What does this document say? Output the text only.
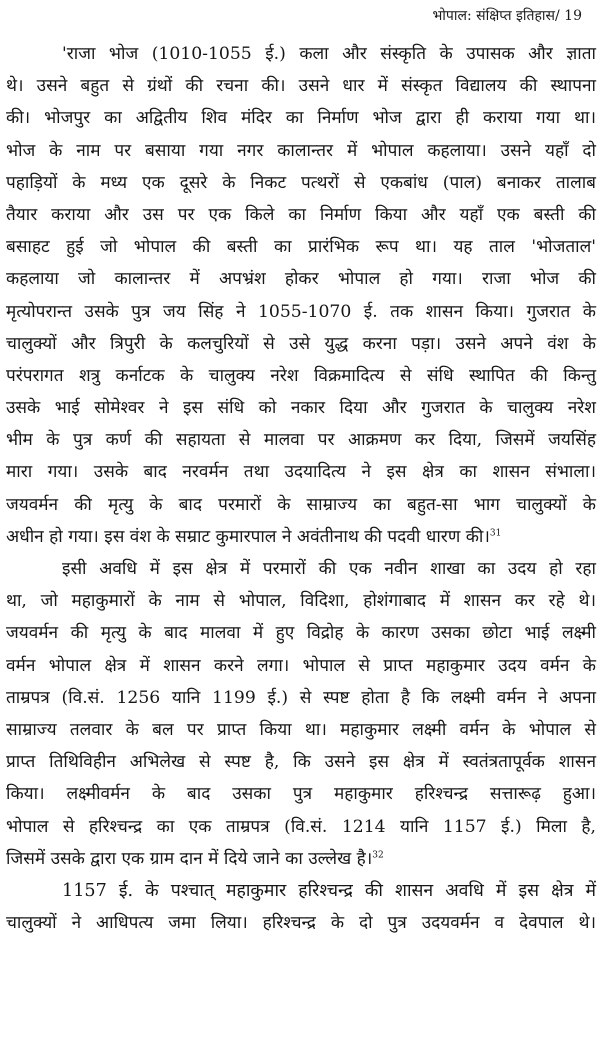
भोपाल: संक्षिप्त इतिहास/ 19
'राजा भोज (1010-1055 ई.) कला और संस्कृति के उपासक और ज्ञाता
थे। उसने बहुत से ग्रंथों की रचना की। उसने धार में संस्कृत विद्यालय की स्थापना
की। भोजपुर का अद्वितीय शिव मंदिर का निर्माण भोज द्वारा ही कराया गया था।
भोज के नाम पर बसाया गया नगर कालान्तर में भोपाल कहलाया। उसने यहाँ दो
पहाड़ियों के मध्य एक दूसरे के निकट पत्थरों से एकबांध (पाल) बनाकर तालाब
तैयार कराया और उस पर एक किले का निर्माण किया और यहाँ एक बस्ती की
बसाहट हुई जो भोपाल की बस्ती का प्रारंभिक रूप था। यह ताल 'भोजताल'
कहलाया जो कालान्तर में अपभ्रंश होकर भोपाल हो गया। राजा भोज की
मृत्योपरान्त उसके पुत्र जय सिंह ने 1055-1070 ई. तक शासन किया। गुजरात के
चालुक्यों और त्रिपुरी के कलचुरियों से उसे युद्ध करना पड़ा। उसने अपने वंश के
परंपरागत शत्रु कर्नाटक के चालुक्य नरेश विक्रमादित्य से संधि स्थापित की किन्तु
उसके भाई सोमेश्वर ने इस संधि को नकार दिया और गुजरात के चालुक्य नरेश
भीम के पुत्र कर्ण की सहायता से मालवा पर आक्रमण कर दिया, जिसमें जयसिंह
मारा गया। उसके बाद नरवर्मन तथा उदयादित्य ने इस क्षेत्र का शासन संभाला।
जयवर्मन की मृत्यु के बाद परमारों के साम्राज्य का बहुत-सा भाग चालुक्यों के
अधीन हो गया। इस वंश के सम्राट कुमारपाल ने अवंतीनाथ की पदवी धारण की।$^{31}$
इसी अवधि में इस क्षेत्र में परमारों की एक नवीन शाखा का उदय हो रहा
था, जो महाकुमारों के नाम से भोपाल, विदिशा, होशंगाबाद में शासन कर रहे थे।
जयवर्मन की मृत्यु के बाद मालवा में हुए विद्रोह के कारण उसका छोटा भाई लक्ष्मी
वर्मन भोपाल क्षेत्र में शासन करने लगा। भोपाल से प्राप्त महाकुमार उदय वर्मन के
ताम्रपत्र (वि.सं. 1256 यानि 1199 ई.) से स्पष्ट होता है कि लक्ष्मी वर्मन ने अपना
साम्राज्य तलवार के बल पर प्राप्त किया था। महाकुमार लक्ष्मी वर्मन के भोपाल से
प्राप्त तिथिविहीन अभिलेख से स्पष्ट है, कि उसने इस क्षेत्र में स्वतंत्रतापूर्वक शासन
किया। लक्ष्मीवर्मन के बाद उसका पुत्र महाकुमार हरिश्चन्द्र सत्तारूढ़ हुआ।
भोपाल से हरिश्चन्द्र का एक ताम्रपत्र (वि.सं. 1214 यानि 1157 ई.) मिला है,
जिसमें उसके द्वारा एक ग्राम दान में दिये जाने का उल्लेख है।$^{32}$
1157 ई. के पश्चात् महाकुमार हरिश्चन्द्र की शासन अवधि में इस क्षेत्र में
चालुक्यों ने आधिपत्य जमा लिया। हरिश्चन्द्र के दो पुत्र उदयवर्मन व देवपाल थे।
